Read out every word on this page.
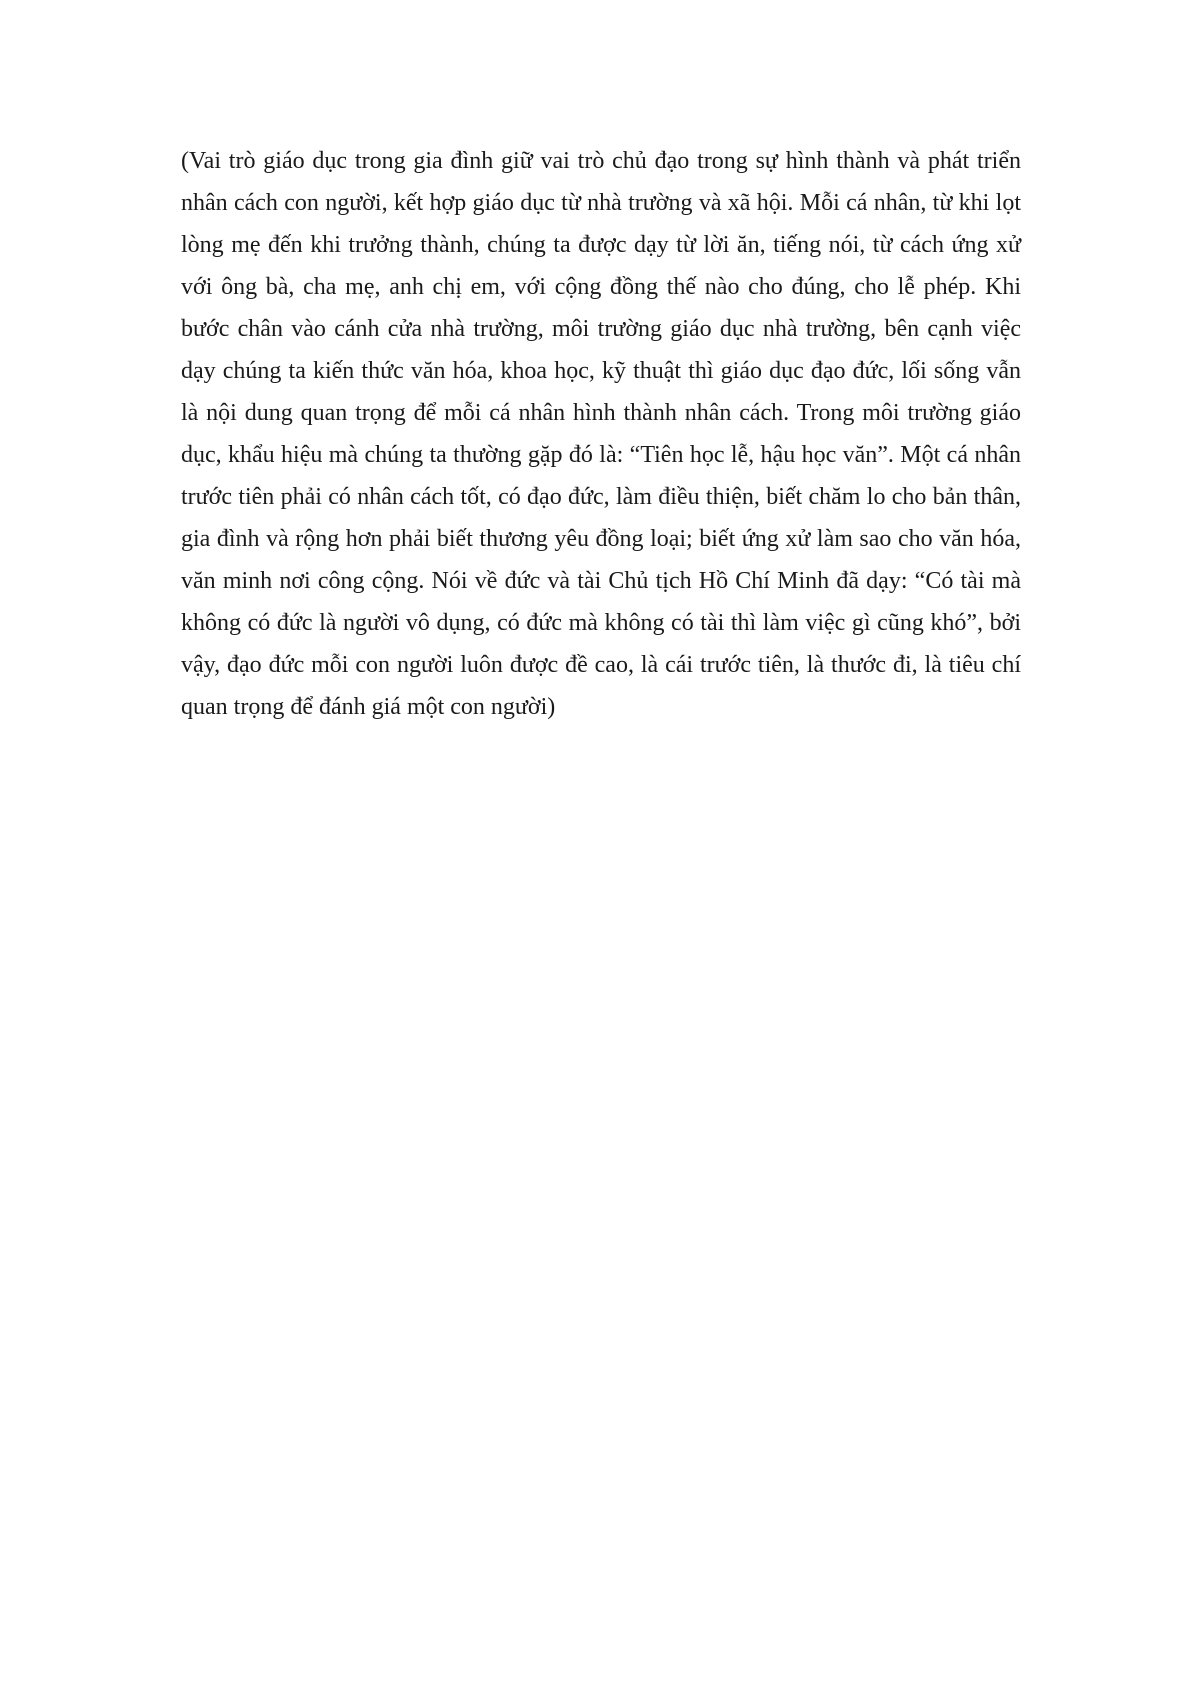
(Vai trò giáo dục trong gia đình giữ vai trò chủ đạo trong sự hình thành và phát triển nhân cách con người, kết hợp giáo dục từ nhà trường và xã hội. Mỗi cá nhân, từ khi lọt lòng mẹ đến khi trưởng thành, chúng ta được dạy từ lời ăn, tiếng nói, từ cách ứng xử với ông bà, cha mẹ, anh chị em, với cộng đồng thế nào cho đúng, cho lễ phép. Khi bước chân vào cánh cửa nhà trường, môi trường giáo dục nhà trường, bên cạnh việc dạy chúng ta kiến thức văn hóa, khoa học, kỹ thuật thì giáo dục đạo đức, lối sống vẫn là nội dung quan trọng để mỗi cá nhân hình thành nhân cách. Trong môi trường giáo dục, khẩu hiệu mà chúng ta thường gặp đó là: “Tiên học lễ, hậu học văn”. Một cá nhân trước tiên phải có nhân cách tốt, có đạo đức, làm điều thiện, biết chăm lo cho bản thân, gia đình và rộng hơn phải biết thương yêu đồng loại; biết ứng xử làm sao cho văn hóa, văn minh nơi công cộng. Nói về đức và tài Chủ tịch Hồ Chí Minh đã dạy: “Có tài mà không có đức là người vô dụng, có đức mà không có tài thì làm việc gì cũng khó”, bởi vậy, đạo đức mỗi con người luôn được đề cao, là cái trước tiên, là thước đi, là tiêu chí quan trọng để đánh giá một con người)
